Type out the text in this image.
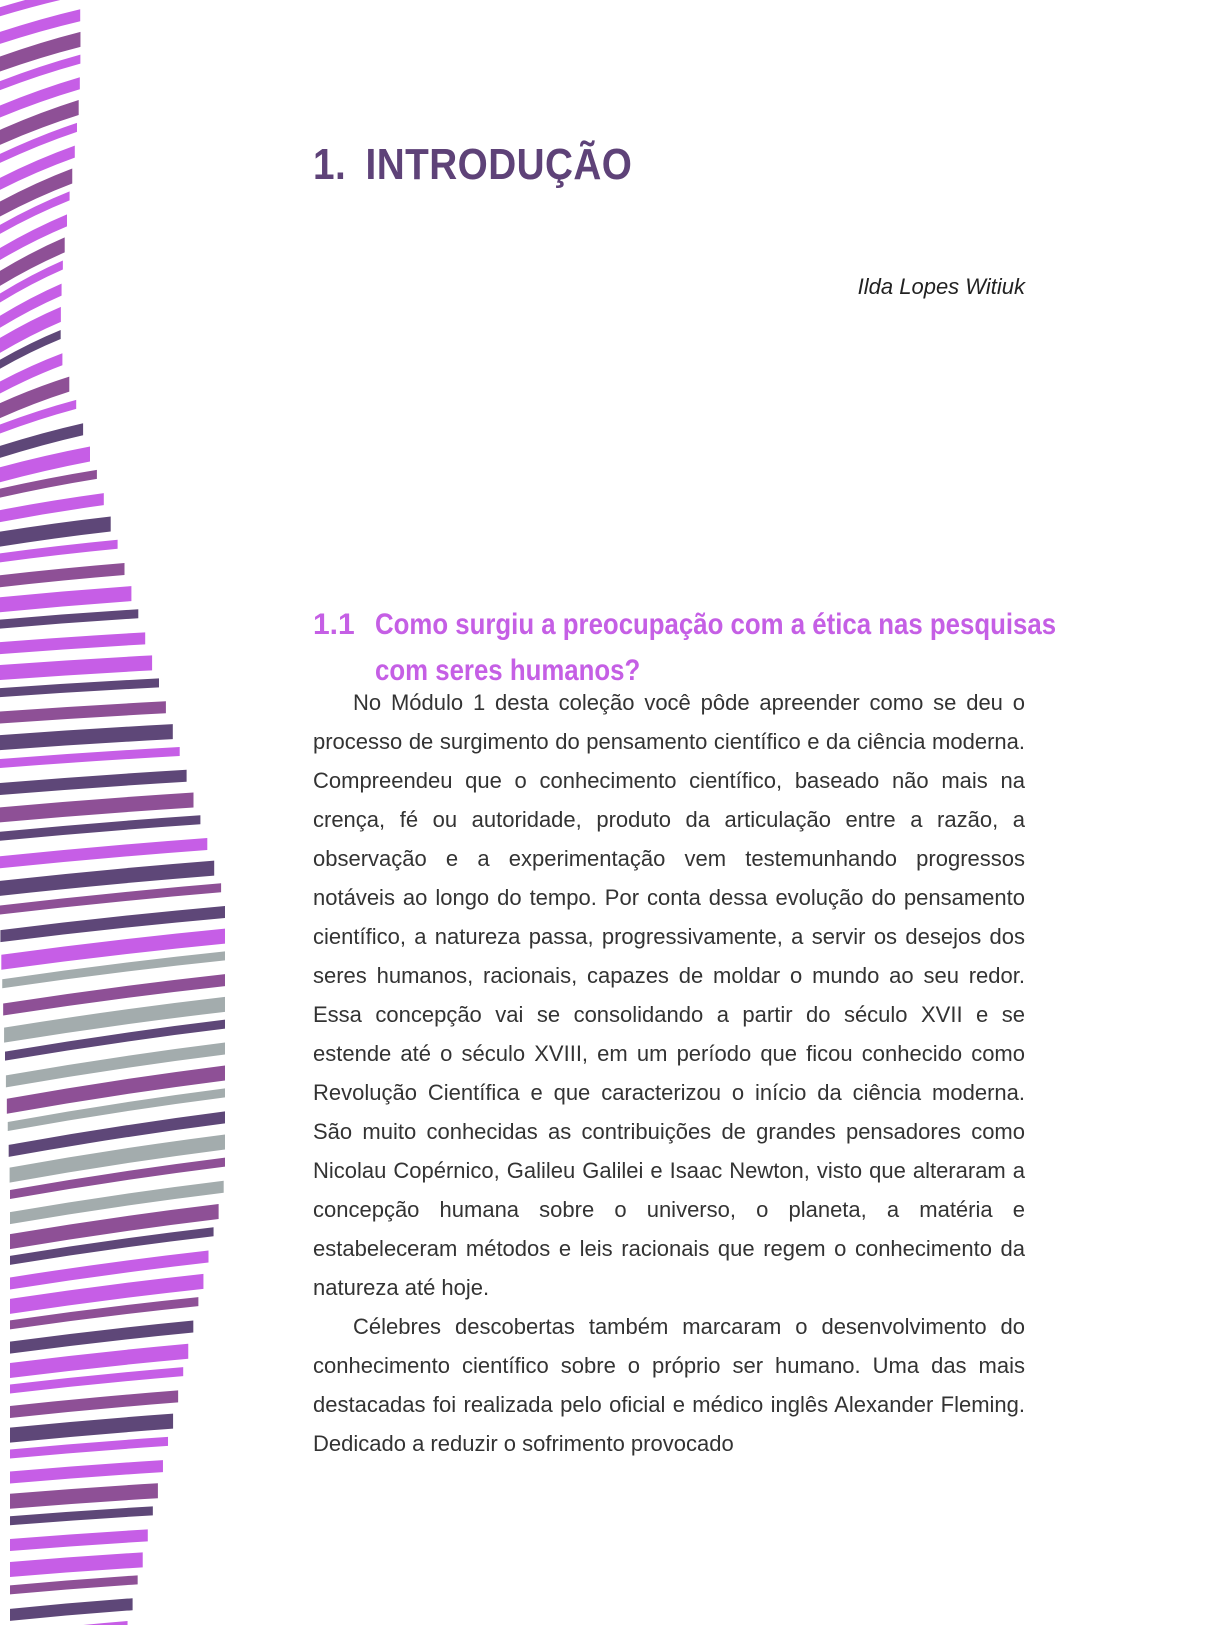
1. INTRODUÇÃO
Ilda Lopes Witiuk
1.1 Como surgiu a preocupação com a ética nas pesquisas com seres humanos?

No Módulo 1 desta coleção você pôde apreender como se deu o processo de surgimento do pensamento científico e da ciência moderna. Compreendeu que o conhecimento científico, baseado não mais na crença, fé ou autoridade, produto da articulação entre a razão, a observação e a experimentação vem testemunhando progressos notáveis ao longo do tempo. Por conta dessa evolução do pensamento científico, a natureza passa, progressivamente, a servir os desejos dos seres humanos, racionais, capazes de moldar o mundo ao seu redor. Essa concepção vai se consolidando a partir do século XVII e se estende até o século XVIII, em um período que ficou conhecido como Revolução Científica e que caracterizou o início da ciência moderna. São muito conhecidas as contribuições de grandes pensadores como Nicolau Copérnico, Galileu Galilei e Isaac Newton, visto que alteraram a concepção humana sobre o universo, o planeta, a matéria e estabeleceram métodos e leis racionais que regem o conhecimento da natureza até hoje.

Célebres descobertas também marcaram o desenvolvimento do conhecimento científico sobre o próprio ser humano. Uma das mais destacadas foi realizada pelo oficial e médico inglês Alexander Fleming. Dedicado a reduzir o sofrimento provocado
